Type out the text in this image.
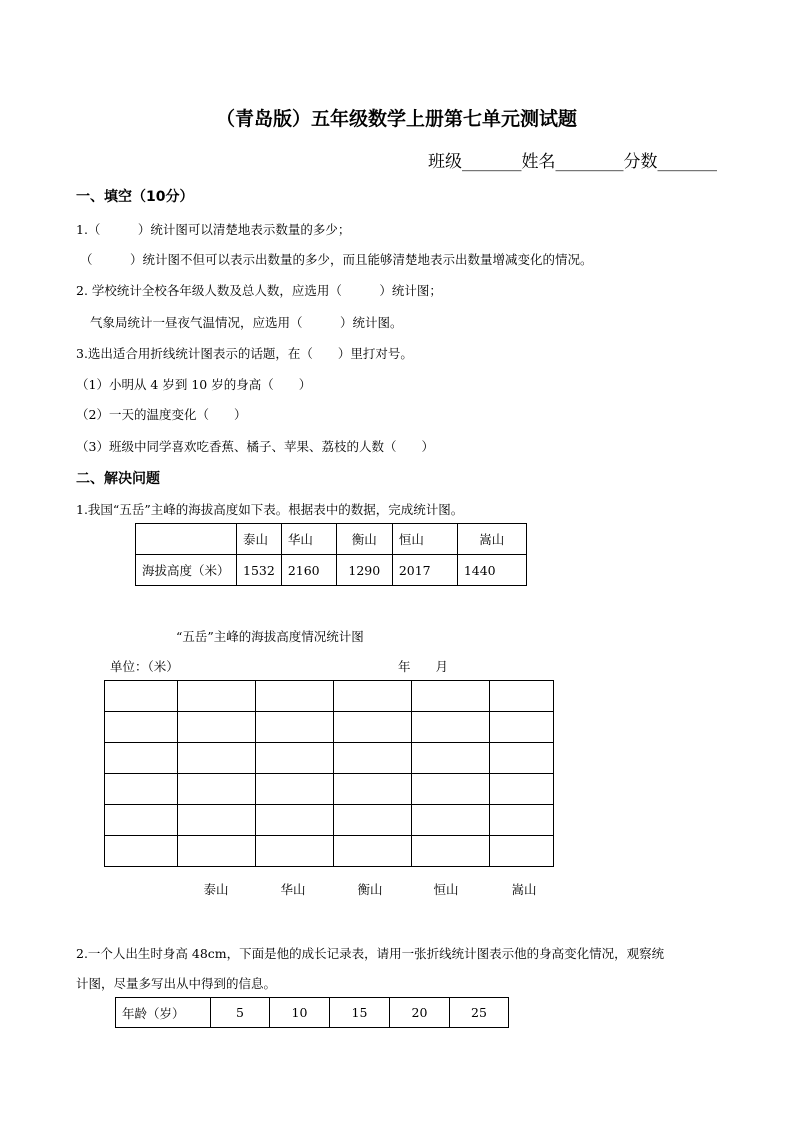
（青岛版）五年级数学上册第七单元测试题
班级_______姓名________分数_______
一、填空（10分）
1.（　　　）统计图可以清楚地表示数量的多少；
（　　　）统计图不但可以表示出数量的多少，而且能够清楚地表示出数量增减变化的情况。
2. 学校统计全校各年级人数及总人数，应选用（　　　）统计图；
气象局统计一昼夜气温情况，应选用（　　　）统计图。
3.选出适合用折线统计图表示的话题，在（　　）里打对号。
（1）小明从 4 岁到 10 岁的身高（　　）
（2）一天的温度变化（　　）
（3）班级中同学喜欢吃香蕉、橘子、苹果、荔枝的人数（　　）
二、解决问题
1.我国“五岳”主峰的海拔高度如下表。根据表中的数据，完成统计图。
	泰山	华山	衡山	恒山	嵩山
海拔高度（米）	1532	2160	1290	2017	1440
“五岳”主峰的海拔高度情况统计图
单位：（米）	年　　月

泰山	华山	衡山	恒山	嵩山
2.一个人出生时身高 48cm，下面是他的成长记录表，请用一张折线统计图表示他的身高变化情况，观察统
计图，尽量多写出从中得到的信息。
年龄（岁）	5	10	15	20	25
